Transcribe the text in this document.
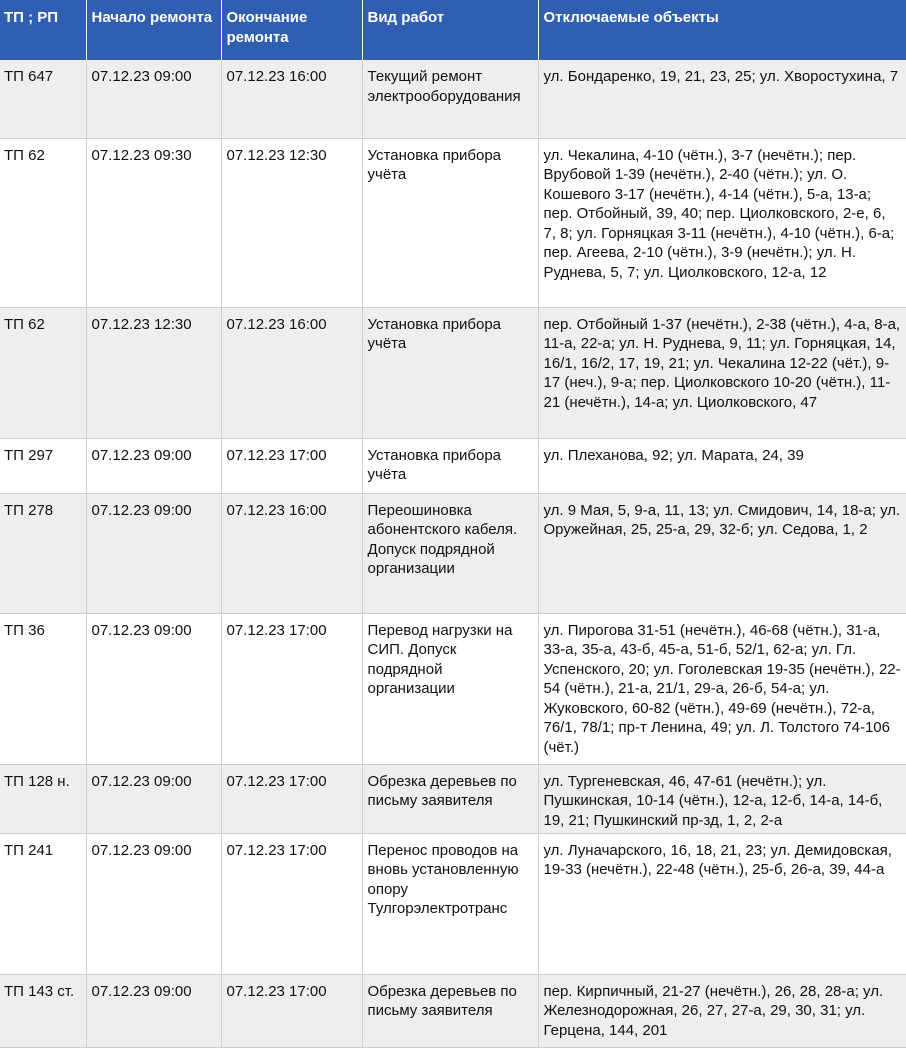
ТП ; РП	Начало ремонта	Окончание ремонта	Вид работ	Отключаемые объекты
ТП 647	07.12.23 09:00	07.12.23 16:00	Текущий ремонт электрооборудования	ул. Бондаренко, 19, 21, 23, 25; ул. Хворостухина, 7
ТП 62	07.12.23 09:30	07.12.23 12:30	Установка прибора учёта	ул. Чекалина, 4-10 (чётн.), 3-7 (нечётн.); пер. Врубовой 1-39 (нечётн.), 2-40 (чётн.); ул. О. Кошевого 3-17 (нечётн.), 4-14 (чётн.), 5-а, 13-а; пер. Отбойный, 39, 40; пер. Циолковского, 2-е, 6, 7, 8; ул. Горняцкая 3-11 (нечётн.), 4-10 (чётн.), 6-а; пер. Агеева, 2-10 (чётн.), 3-9 (нечётн.); ул. Н. Руднева, 5, 7; ул. Циолковского, 12-а, 12
ТП 62	07.12.23 12:30	07.12.23 16:00	Установка прибора учёта	пер. Отбойный 1-37 (нечётн.), 2-38 (чётн.), 4-а, 8-а, 11-а, 22-а; ул. Н. Руднева, 9, 11; ул. Горняцкая, 14, 16/1, 16/2, 17, 19, 21; ул. Чекалина 12-22 (чёт.), 9-17 (неч.), 9-а; пер. Циолковского 10-20 (чётн.), 11-21 (нечётн.), 14-а; ул. Циолковского, 47
ТП 297	07.12.23 09:00	07.12.23 17:00	Установка прибора учёта	ул. Плеханова, 92; ул. Марата, 24, 39
ТП 278	07.12.23 09:00	07.12.23 16:00	Переошиновка абонентского кабеля. Допуск подрядной организации	ул. 9 Мая, 5, 9-а, 11, 13; ул. Смидович, 14, 18-а; ул. Оружейная, 25, 25-а, 29, 32-б; ул. Седова, 1, 2
ТП 36	07.12.23 09:00	07.12.23 17:00	Перевод нагрузки на СИП. Допуск подрядной организации	ул. Пирогова 31-51 (нечётн.), 46-68 (чётн.), 31-а, 33-а, 35-а, 43-б, 45-а, 51-б, 52/1, 62-а; ул. Гл. Успенского, 20; ул. Гоголевская 19-35 (нечётн.), 22-54 (чётн.), 21-а, 21/1, 29-а, 26-б, 54-а; ул. Жуковского, 60-82 (чётн.), 49-69 (нечётн.), 72-а, 76/1, 78/1; пр-т Ленина, 49; ул. Л. Толстого 74-106 (чёт.)
ТП 128 н.	07.12.23 09:00	07.12.23 17:00	Обрезка деревьев по письму заявителя	ул. Тургеневская, 46, 47-61 (нечётн.); ул. Пушкинская, 10-14 (чётн.), 12-а, 12-б, 14-а, 14-б, 19, 21; Пушкинский пр-зд, 1, 2, 2-а
ТП 241	07.12.23 09:00	07.12.23 17:00	Перенос проводов на вновь установленную опору Тулгорэлектротранс	ул. Луначарского, 16, 18, 21, 23; ул. Демидовская, 19-33 (нечётн.), 22-48 (чётн.), 25-б, 26-а, 39, 44-а
ТП 143 ст.	07.12.23 09:00	07.12.23 17:00	Обрезка деревьев по письму заявителя	пер. Кирпичный, 21-27 (нечётн.), 26, 28, 28-а; ул. Железнодорожная, 26, 27, 27-а, 29, 30, 31; ул. Герцена, 144, 201
